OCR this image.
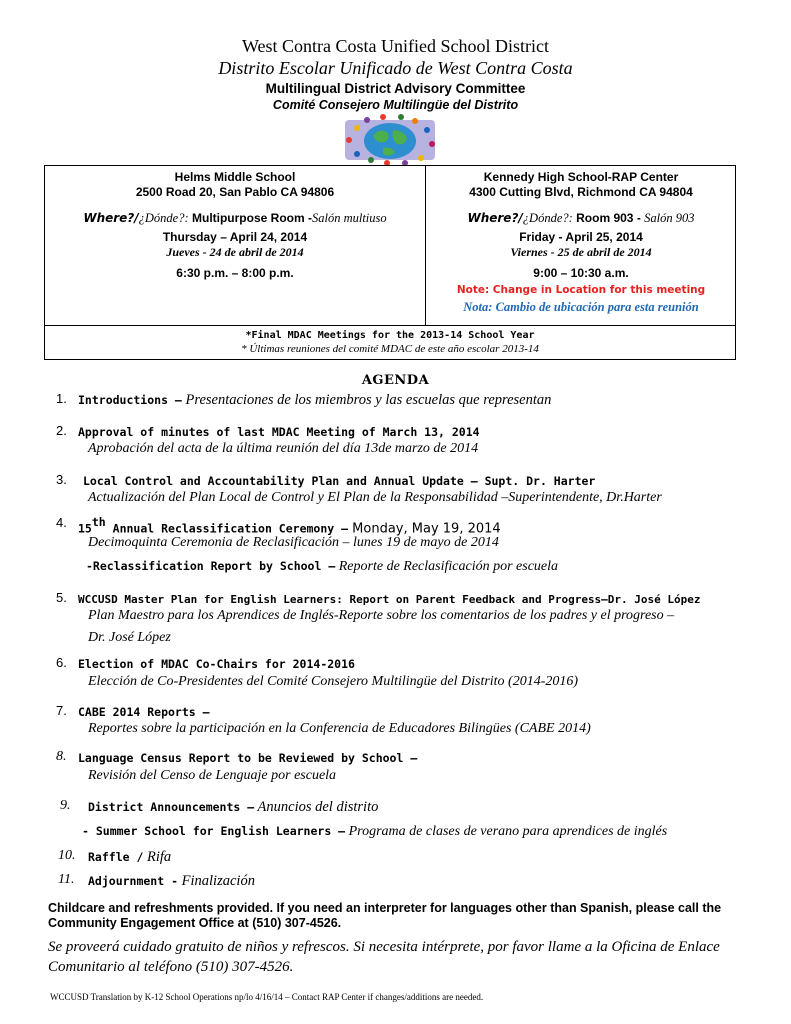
West Contra Costa Unified School District
Distrito Escolar Unificado de West Contra Costa
Multilingual District Advisory Committee
Comité Consejero Multilingüe del Distrito
Helms Middle School
2500 Road 20, San Pablo CA 94806
Where?/¿Dónde?: Multipurpose Room -Salón multiuso
Thursday – April 24, 2014
Jueves - 24 de abril de 2014
6:30 p.m. – 8:00 p.m.
Kennedy High School-RAP Center
4300 Cutting Blvd, Richmond CA 94804
Where?/¿Dónde?: Room 903 - Salón 903
Friday - April 25, 2014
Viernes - 25 de abril de 2014
9:00 – 10:30 a.m.
Note: Change in Location for this meeting
Nota: Cambio de ubicación para esta reunión
*Final MDAC Meetings for the 2013-14 School Year
* Últimas reuniones del comité MDAC de este año escolar 2013-14
AGENDA
1. Introductions – Presentaciones de los miembros y las escuelas que representan
2. Approval of minutes of last MDAC Meeting of March 13, 2014
Aprobación del acta de la última reunión del día 13de marzo de 2014
3. Local Control and Accountability Plan and Annual Update – Supt. Dr. Harter
Actualización del Plan Local de Control y El Plan de la Responsabilidad –Superintendente, Dr.Harter
4. 15th Annual Reclassification Ceremony – Monday, May 19, 2014
Decimoquinta Ceremonia de Reclasificación – lunes 19 de mayo de 2014
-Reclassification Report by School – Reporte de Reclasificación por escuela
5. WCCUSD Master Plan for English Learners: Report on Parent Feedback and Progress–Dr. José López
Plan Maestro para los Aprendices de Inglés-Reporte sobre los comentarios de los padres y el progreso –
Dr. José López
6. Election of MDAC Co-Chairs for 2014-2016
Elección de Co-Presidentes del Comité Consejero Multilingüe del Distrito (2014-2016)
7. CABE 2014 Reports –
Reportes sobre la participación en la Conferencia de Educadores Bilingües (CABE 2014)
8. Language Census Report to be Reviewed by School –
Revisión del Censo de Lenguaje por escuela
9. District Announcements – Anuncios del distrito
- Summer School for English Learners – Programa de clases de verano para aprendices de inglés
10. Raffle / Rifa
11. Adjournment - Finalización
Childcare and refreshments provided. If you need an interpreter for languages other than Spanish, please call the Community Engagement Office at (510) 307-4526.
Se proveerá cuidado gratuito de niños y refrescos. Si necesita intérprete, por favor llame a la Oficina de Enlace Comunitario al teléfono (510) 307-4526.
WCCUSD Translation by K-12 School Operations np/lo 4/16/14 – Contact RAP Center if changes/additions are needed.
